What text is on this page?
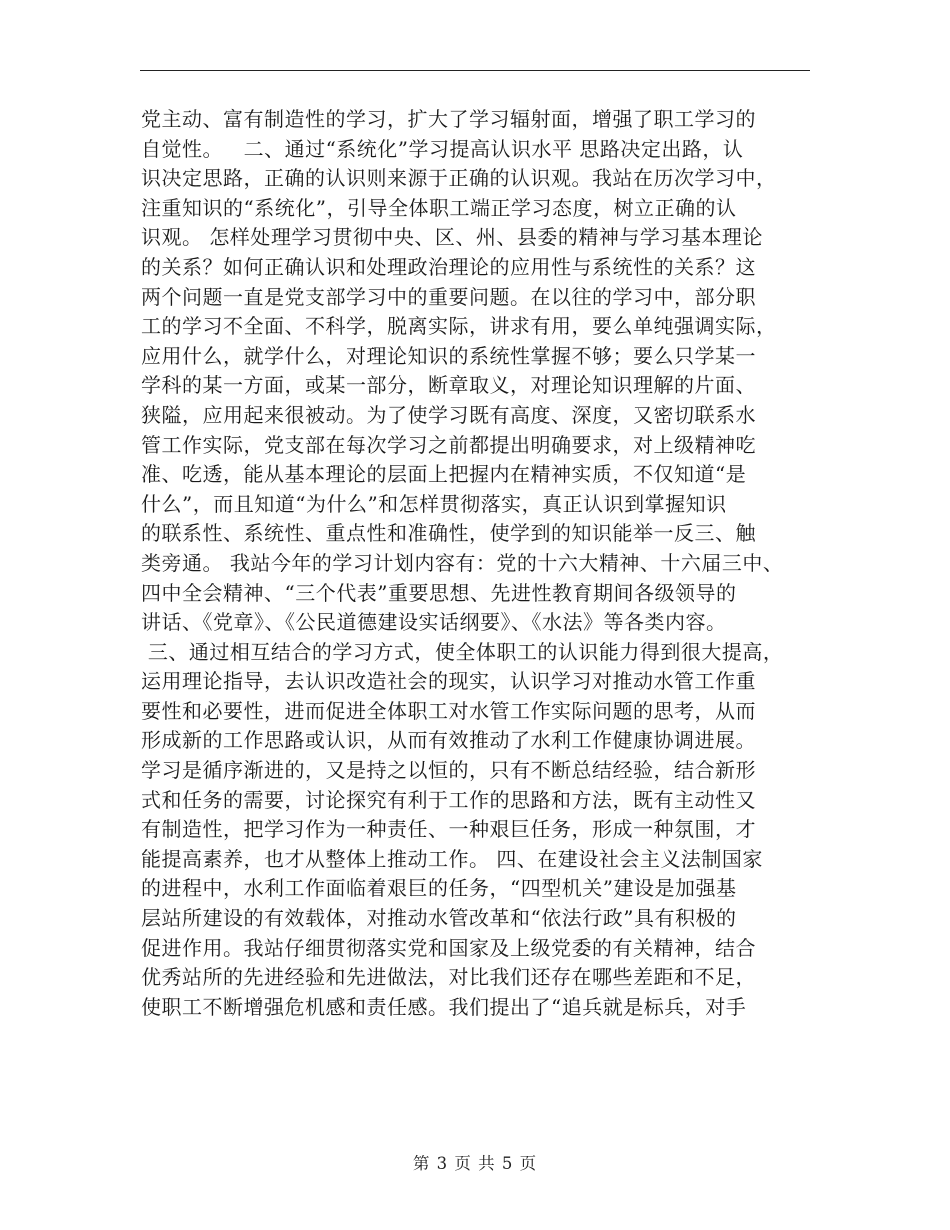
党主动、富有制造性的学习，扩大了学习辐射面，增强了职工学习的
自觉性。   二、通过“系统化”学习提高认识水平 思路决定出路，认
识决定思路，正确的认识则来源于正确的认识观。我站在历次学习中，
注重知识的“系统化”，引导全体职工端正学习态度，树立正确的认
识观。 怎样处理学习贯彻中央、区、州、县委的精神与学习基本理论
的关系？如何正确认识和处理政治理论的应用性与系统性的关系？这
两个问题一直是党支部学习中的重要问题。在以往的学习中，部分职
工的学习不全面、不科学，脱离实际，讲求有用，要么单纯强调实际，
应用什么，就学什么，对理论知识的系统性掌握不够；要么只学某一
学科的某一方面，或某一部分，断章取义，对理论知识理解的片面、
狭隘，应用起来很被动。为了使学习既有高度、深度，又密切联系水
管工作实际，党支部在每次学习之前都提出明确要求，对上级精神吃
准、吃透，能从基本理论的层面上把握内在精神实质，不仅知道“是
什么”，而且知道“为什么”和怎样贯彻落实，真正认识到掌握知识
的联系性、系统性、重点性和准确性，使学到的知识能举一反三、触
类旁通。 我站今年的学习计划内容有：党的十六大精神、十六届三中、
四中全会精神、“三个代表”重要思想、先进性教育期间各级领导的
讲话、《党章》、《公民道德建设实话纲要》、《水法》等各类内容。
三、通过相互结合的学习方式，使全体职工的认识能力得到很大提高，
运用理论指导，去认识改造社会的现实，认识学习对推动水管工作重
要性和必要性，进而促进全体职工对水管工作实际问题的思考，从而
形成新的工作思路或认识，从而有效推动了水利工作健康协调进展。
学习是循序渐进的，又是持之以恒的，只有不断总结经验，结合新形
式和任务的需要，讨论探究有利于工作的思路和方法，既有主动性又
有制造性，把学习作为一种责任、一种艰巨任务，形成一种氛围，才
能提高素养，也才从整体上推动工作。 四、在建设社会主义法制国家
的进程中，水利工作面临着艰巨的任务，“四型机关”建设是加强基
层站所建设的有效载体，对推动水管改革和“依法行政”具有积极的
促进作用。我站仔细贯彻落实党和国家及上级党委的有关精神，结合
优秀站所的先进经验和先进做法，对比我们还存在哪些差距和不足，
使职工不断增强危机感和责任感。我们提出了“追兵就是标兵，对手
第 3 页 共 5 页
